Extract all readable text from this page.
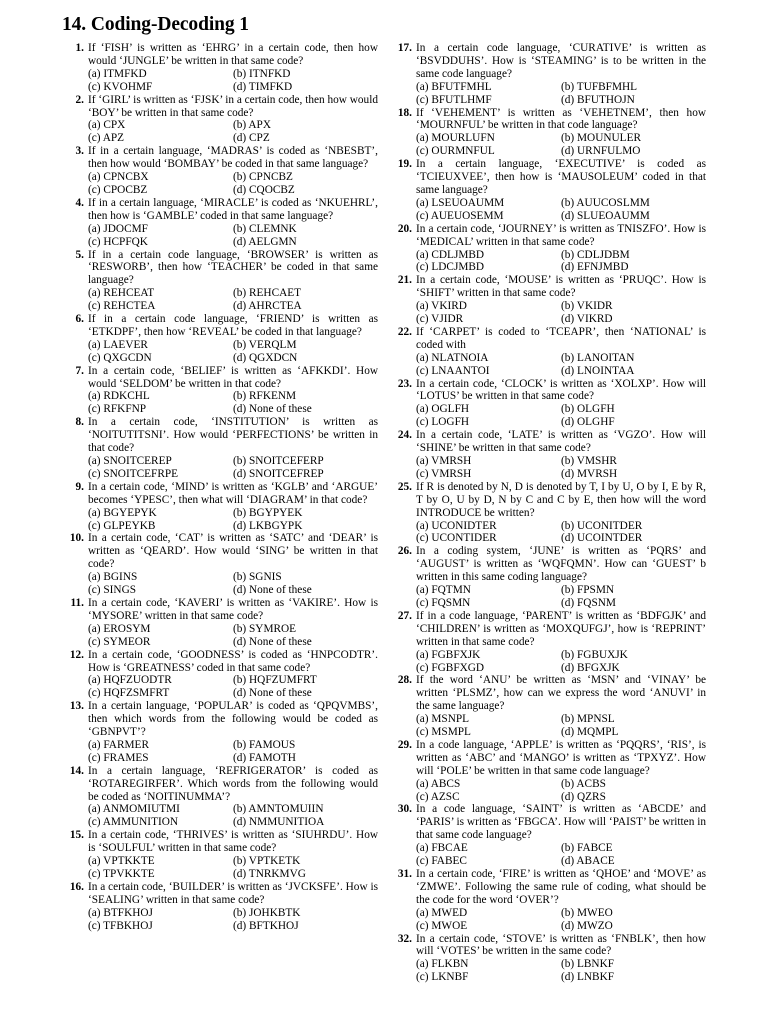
14. Coding-Decoding 1
1. If ‘FISH’ is written as ‘EHRG’ in a certain code, then how would ‘JUNGLE’ be written in that same code?
(a) ITMFKD	(b) ITNFKD
(c) KVOHMF	(d) TIMFKD
2. If ‘GIRL’ is written as ‘FJSK’ in a certain code, then how would ‘BOY’ be written in that same code?
(a) CPX	(b) APX
(c) APZ	(d) CPZ
3. If in a certain language, ‘MADRAS’ is coded as ‘NBESBT’, then how would ‘BOMBAY’ be coded in that same language?
(a) CPNCBX	(b) CPNCBZ
(c) CPOCBZ	(d) CQOCBZ
4. If in a certain language, ‘MIRACLE’ is coded as ‘NKUEHRL’, then how is ‘GAMBLE’ coded in that same language?
(a) JDOCMF	(b) CLEMNK
(c) HCPFQK	(d) AELGMN
5. If in a certain code language, ‘BROWSER’ is written as ‘RESWORB’, then how ‘TEACHER’ be coded in that same language?
(a) REHCEAT	(b) REHCAET
(c) REHCTEA	(d) AHRCTEA
6. If in a certain code language, ‘FRIEND’ is written as ‘ETKDPF’, then how ‘REVEAL’ be coded in that language?
(a) LAEVER	(b) VERQLM
(c) QXGCDN	(d) QGXDCN
7. In a certain code, ‘BELIEF’ is written as ‘AFKKDI’. How would ‘SELDOM’ be written in that code?
(a) RDKCHL	(b) RFKENM
(c) RFKFNP	(d) None of these
8. In a certain code, ‘INSTITUTION’ is written as ‘NOITUTITSNI’. How would ‘PERFECTIONS’ be written in that code?
(a) SNOITCEREP	(b) SNOITCEFERP
(c) SNOITCEFRPE	(d) SNOITCEFREP
9. In a certain code, ‘MIND’ is written as ‘KGLB’ and ‘ARGUE’ becomes ‘YPESC’, then what will ‘DIAGRAM’ in that code?
(a) BGYEPYK	(b) BGYPYEK
(c) GLPEYKB	(d) LKBGYPK
10. In a certain code, ‘CAT’ is written as ‘SATC’ and ‘DEAR’ is written as ‘QEARD’. How would ‘SING’ be written in that code?
(a) BGINS	(b) SGNIS
(c) SINGS	(d) None of these
11. In a certain code, ‘KAVERI’ is written as ‘VAKIRE’. How is ‘MYSORE’ written in that same code?
(a) EROSYM	(b) SYMROE
(c) SYMEOR	(d) None of these
12. In a certain code, ‘GOODNESS’ is coded as ‘HNPCODTR’. How is ‘GREATNESS’ coded in that same code?
(a) HQFZUODTR	(b) HQFZUMFRT
(c) HQFZSMFRT	(d) None of these
13. In a certain language, ‘POPULAR’ is coded as ‘QPQVMBS’, then which words from the following would be coded as ‘GBNPVT’?
(a) FARMER	(b) FAMOUS
(c) FRAMES	(d) FAMOTH
14. In a certain language, ‘REFRIGERATOR’ is coded as ‘ROTAREGIRFER’. Which words from the following would be coded as ‘NOITINUMMA’?
(a) ANMOMIUTMI	(b) AMNTOMUIIN
(c) AMMUNITION	(d) NMMUNITIOA
15. In a certain code, ‘THRIVES’ is written as ‘SIUHRDU’. How is ‘SOULFUL’ written in that same code?
(a) VPTKKTE	(b) VPTKETK
(c) TPVKKTE	(d) TNRKMVG
16. In a certain code, ‘BUILDER’ is written as ‘JVCKSFE’. How is ‘SEALING’ written in that same code?
(a) BTFKHOJ	(b) JOHKBTK
(c) TFBKHOJ	(d) BFTKHOJ
17. In a certain code language, ‘CURATIVE’ is written as ‘BSVDDUHS’. How is ‘STEAMING’ is to be written in the same code language?
(a) BFUTFMHL	(b) TUFBFMHL
(c) BFUTLHMF	(d) BFUTHOJN
18. If ‘VEHEMENT’ is written as ‘VEHETNEM’, then how ‘MOURNFUL’ be written in that code language?
(a) MOURLUFN	(b) MOUNULER
(c) OURMNFUL	(d) URNFULMO
19. In a certain language, ‘EXECUTIVE’ is coded as ‘TCIEUXVEE’, then how is ‘MAUSOLEUM’ coded in that same language?
(a) LSEUOAUMM	(b) AUUCOSLMM
(c) AUEUOSEMM	(d) SLUEOAUMM
20. In a certain code, ‘JOURNEY’ is written as TNISZFO’. How is ‘MEDICAL’ written in that same code?
(a) CDLJMBD	(b) CDLJDBM
(c) LDCJMBD	(d) EFNJMBD
21. In a certain code, ‘MOUSE’ is written as ‘PRUQC’. How is ‘SHIFT’ written in that same code?
(a) VKIRD	(b) VKIDR
(c) VJIDR	(d) VIKRD
22. If ‘CARPET’ is coded to ‘TCEAPR’, then ‘NATIONAL’ is coded with
(a) NLATNOIA	(b) LANOITAN
(c) LNAANTOI	(d) LNOINTAA
23. In a certain code, ‘CLOCK’ is written as ‘XOLXP’. How will ‘LOTUS’ be written in that same code?
(a) OGLFH	(b) OLGFH
(c) LOGFH	(d) OLGHF
24. In a certain code, ‘LATE’ is written as ‘VGZO’. How will ‘SHINE’ be written in that same code?
(a) VMRSH	(b) VMSHR
(c) VMRSH	(d) MVRSH
25. If R is denoted by N, D is denoted by T, I by U, O by I, E by R, T by O, U by D, N by C and C by E, then how will the word INTRODUCE be written?
(a) UCONIDTER	(b) UCONITDER
(c) UCONTIDER	(d) UCOINTDER
26. In a coding system, ‘JUNE’ is written as ‘PQRS’ and ‘AUGUST’ is written as ‘WQFQMN’. How can ‘GUEST’ b written in this same coding language?
(a) FQTMN	(b) FPSMN
(c) FQSMN	(d) FQSNM
27. If in a code language, ‘PARENT’ is written as ‘BDFGJK’ and ‘CHILDREN’ is written as ‘MOXQUFGJ’, how is ‘REPRINT’ written in that same code?
(a) FGBFXJK	(b) FGBUXJK
(c) FGBFXGD	(d) BFGXJK
28. If the word ‘ANU’ be written as ‘MSN’ and ‘VINAY’ be written ‘PLSMZ’, how can we express the word ‘ANUVI’ in the same language?
(a) MSNPL	(b) MPNSL
(c) MSMPL	(d) MQMPL
29. In a code language, ‘APPLE’ is written as ‘PQQRS’, ‘RIS’, is written as ‘ABC’ and ‘MANGO’ is written as ‘TPXYZ’. How will ‘POLE’ be written in that same code language?
(a) ABCS	(b) ACBS
(c) AZSC	(d) QZRS
30. In a code language, ‘SAINT’ is written as ‘ABCDE’ and ‘PARIS’ is written as ‘FBGCA’. How will ‘PAIST’ be written in that same code language?
(a) FBCAE	(b) FABCE
(c) FABEC	(d) ABACE
31. In a certain code, ‘FIRE’ is written as ‘QHOE’ and ‘MOVE’ as ‘ZMWE’. Following the same rule of coding, what should be the code for the word ‘OVER’?
(a) MWED	(b) MWEO
(c) MWOE	(d) MWZO
32. In a certain code, ‘STOVE’ is written as ‘FNBLK’, then how will ‘VOTES’ be written in the same code?
(a) FLKBN	(b) LBNKF
(c) LKNBF	(d) LNBKF
